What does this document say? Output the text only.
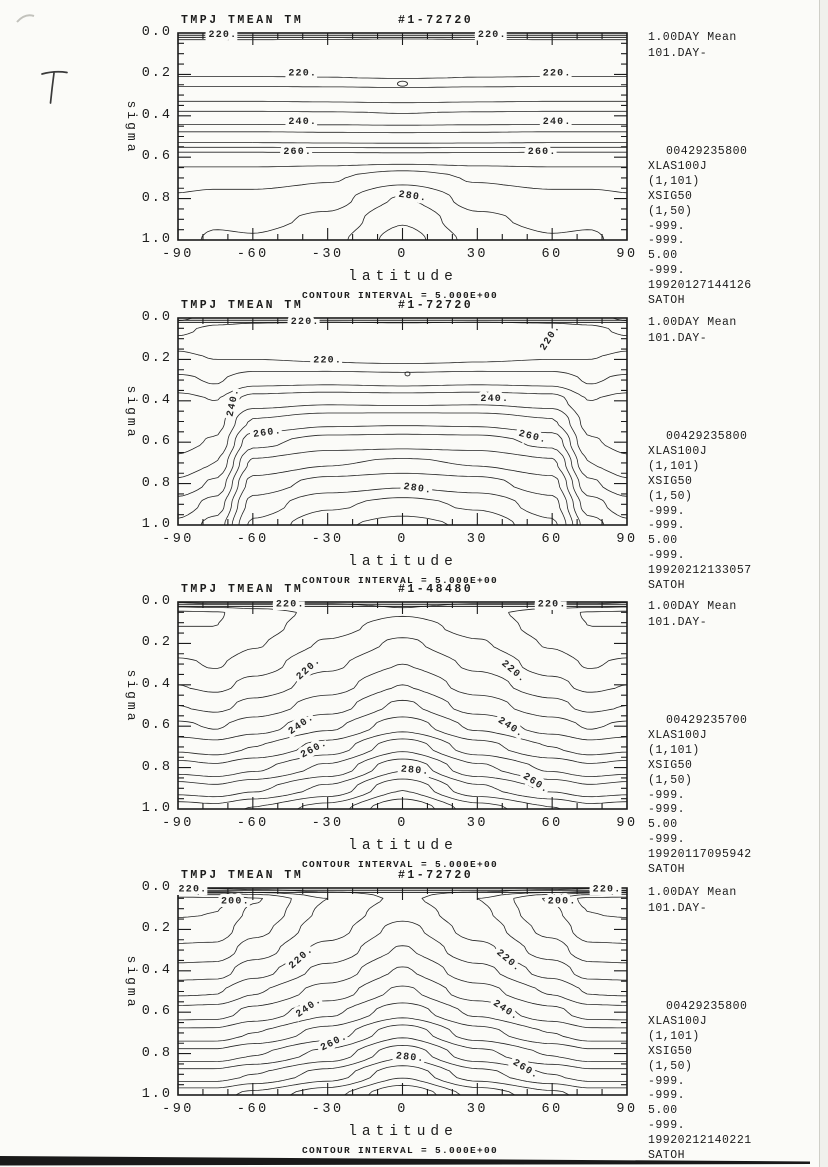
220.	220.
220.	220.
240.	240.
260.	260.
280.
sigma
220.
220.
220.
240.	240.
260.	260.
280.
sigma
220.	220.
220.	220.
240.	240.
260.
260.
280.
sigma
220.	220.
200.	200.
220.	220.
240.	240.
260.
260.
280.
sigma
TMPJ TMEAN TM	#1-72720
0.0
0.2
0.4
0.6
0.8
1.0
-90	-60	-30	0	30	60	90
latitude
CONTOUR INTERVAL = 5.000E+00
1.00DAY Mean
101.DAY-
00429235800
XLAS100J
(1,101)
XSIG50
(1,50)
-999.
-999.
5.00
-999.
19920127144126
SATOH
TMPJ TMEAN TM	#1-72720
0.0
0.2
0.4
0.6
0.8
1.0
-90	-60	-30	0	30	60	90
latitude
CONTOUR INTERVAL = 5.000E+00
1.00DAY Mean
101.DAY-
00429235800
XLAS100J
(1,101)
XSIG50
(1,50)
-999.
-999.
5.00
-999.
19920212133057
SATOH
TMPJ TMEAN TM	#1-48480
0.0
0.2
0.4
0.6
0.8
1.0
-90	-60	-30	0	30	60	90
latitude
CONTOUR INTERVAL = 5.000E+00
1.00DAY Mean
101.DAY-
00429235700
XLAS100J
(1,101)
XSIG50
(1,50)
-999.
-999.
5.00
-999.
19920117095942
SATOH
TMPJ TMEAN TM	#1-72720
0.0
0.2
0.4
0.6
0.8
1.0
-90	-60	-30	0	30	60	90
latitude
CONTOUR INTERVAL = 5.000E+00
1.00DAY Mean
101.DAY-
00429235800
XLAS100J
(1,101)
XSIG50
(1,50)
-999.
-999.
5.00
-999.
19920212140221
SATOH
